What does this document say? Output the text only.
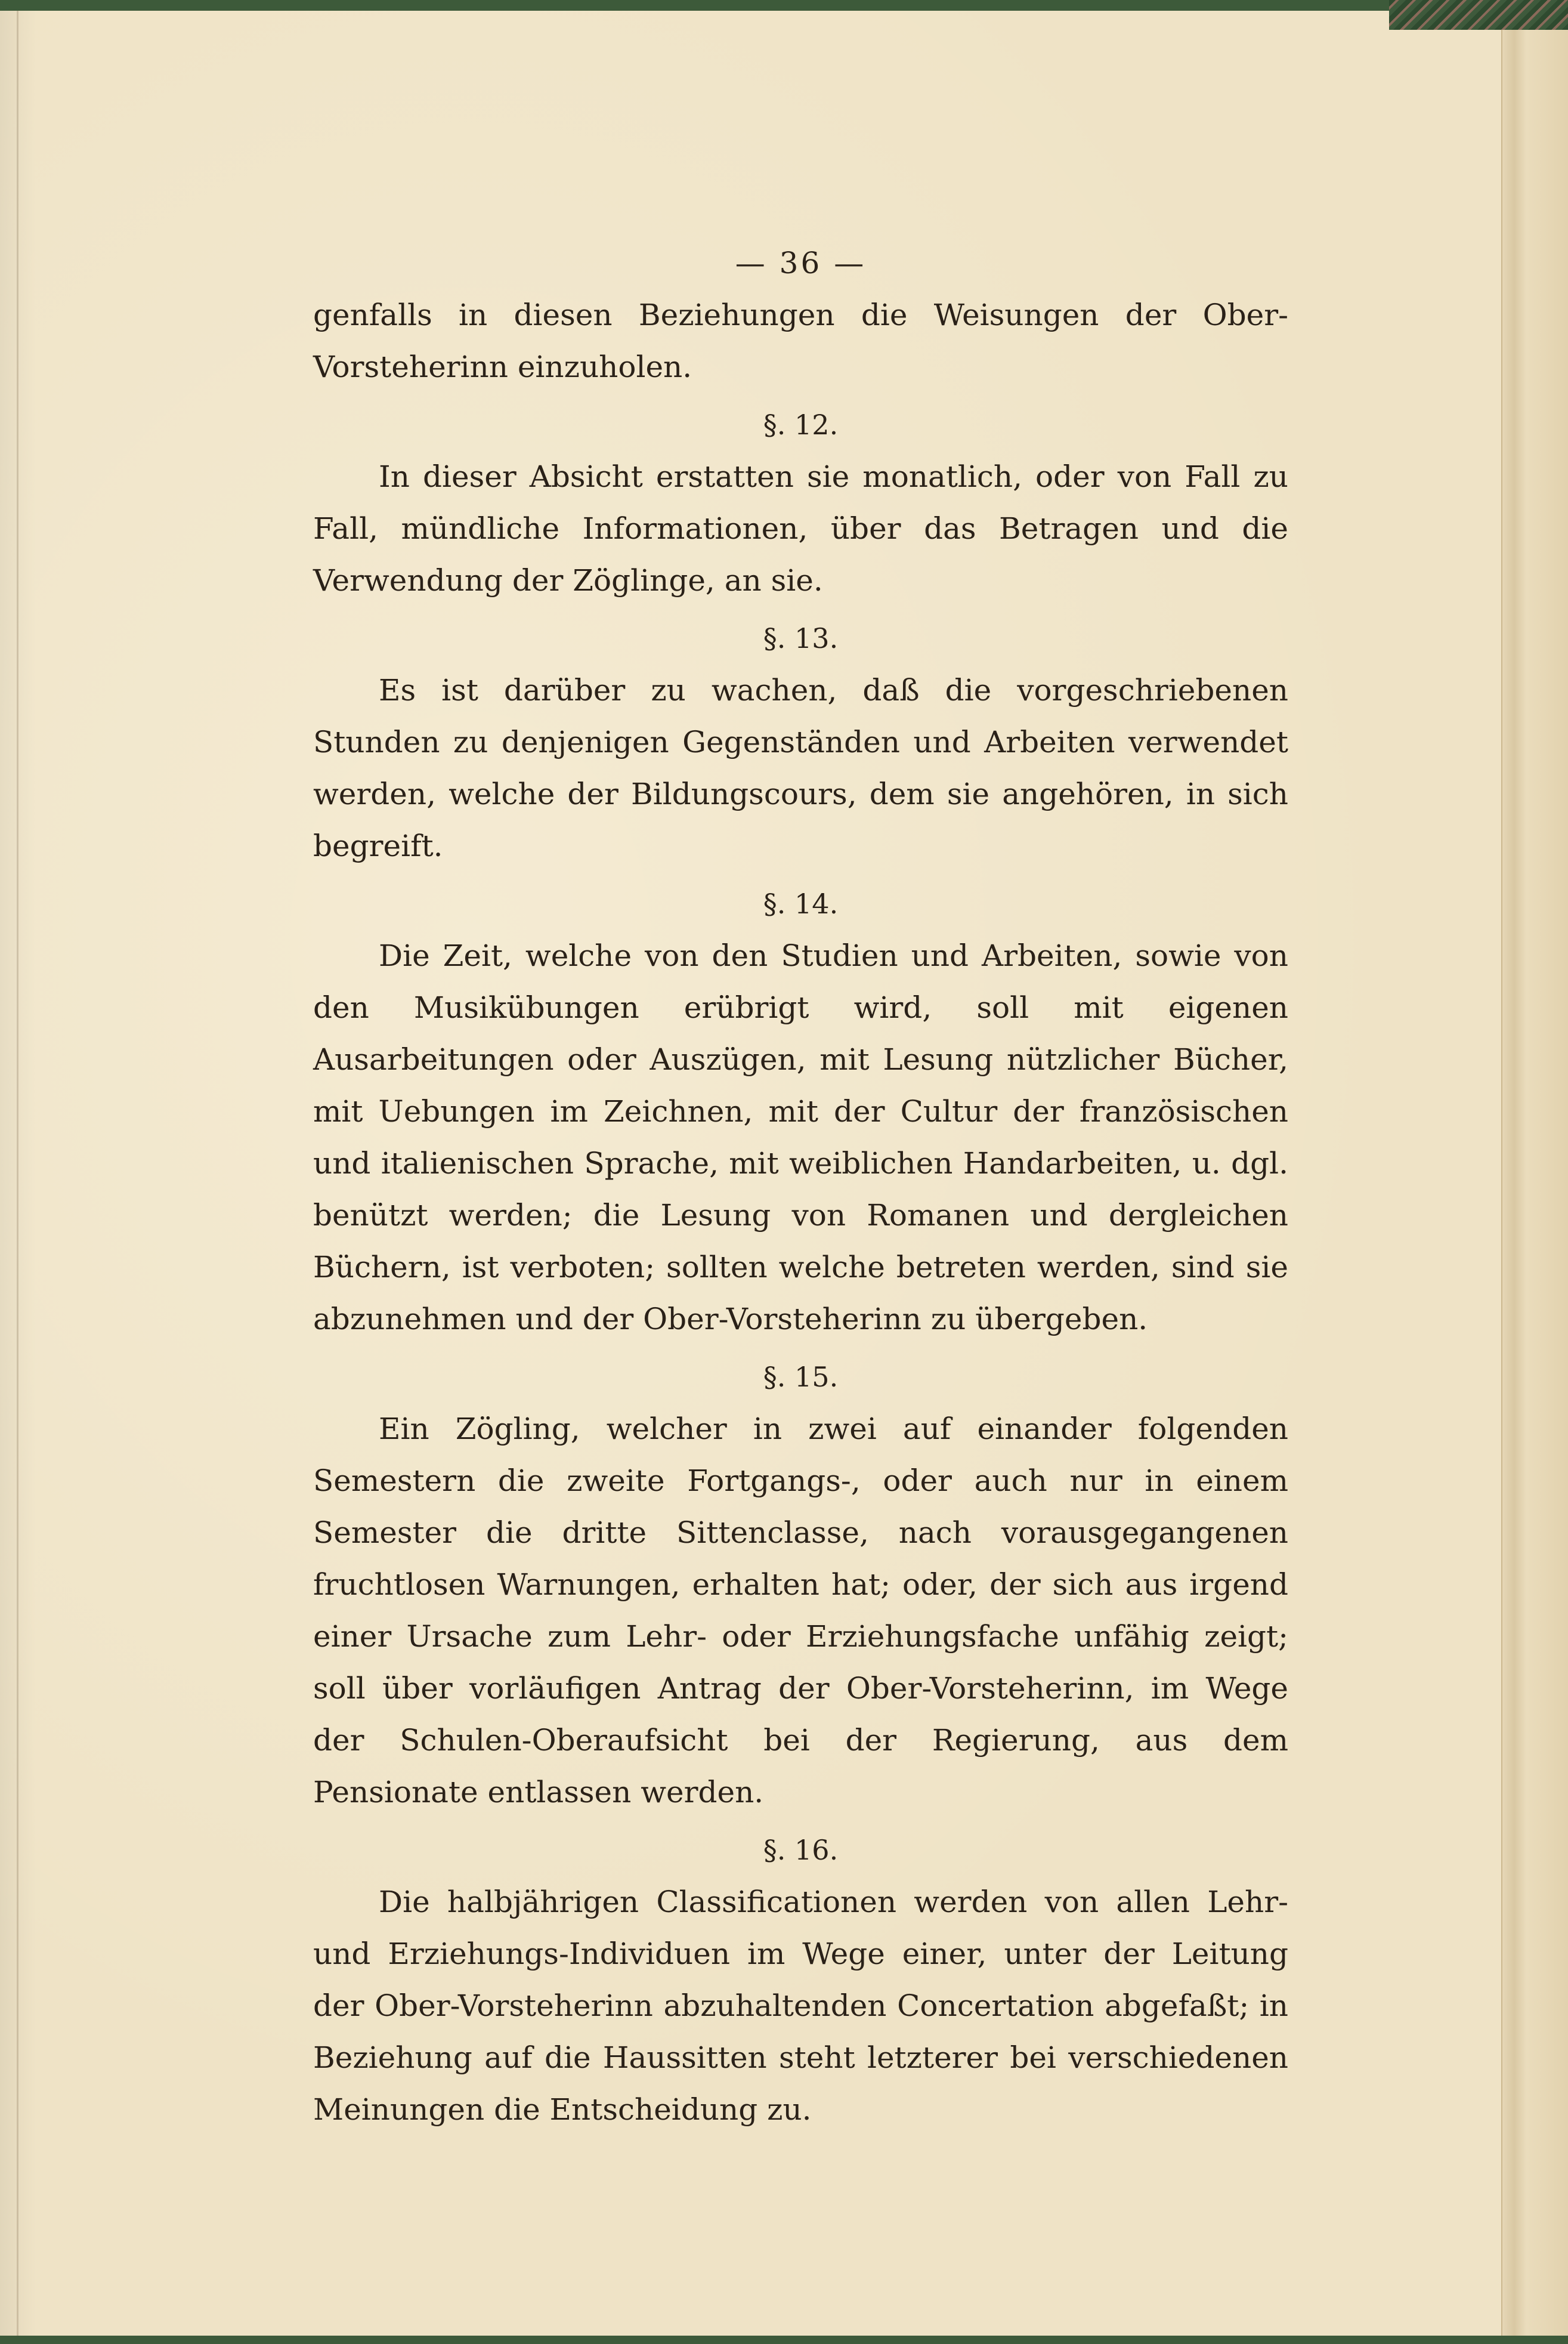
— 36 —

genfalls in diesen Beziehungen die Weisungen der Ober-Vorsteherinn einzuholen.

§. 12.

In dieser Absicht erstatten sie monatlich, oder von Fall zu Fall, mündliche Informationen, über das Betragen und die Verwendung der Zöglinge, an sie.

§. 13.

Es ist darüber zu wachen, daß die vorgeschriebenen Stunden zu denjenigen Gegenständen und Arbeiten verwendet werden, welche der Bildungscours, dem sie angehören, in sich begreift.

§. 14.

Die Zeit, welche von den Studien und Arbeiten, sowie von den Musikübungen erübrigt wird, soll mit eigenen Ausarbeitungen oder Auszügen, mit Lesung nützlicher Bücher, mit Uebungen im Zeichnen, mit der Cultur der französischen und italienischen Sprache, mit weiblichen Handarbeiten, u. dgl. benützt werden; die Lesung von Romanen und dergleichen Büchern, ist verboten; sollten welche betreten werden, sind sie abzunehmen und der Ober-Vorsteherinn zu übergeben.

§. 15.

Ein Zögling, welcher in zwei auf einander folgenden Semestern die zweite Fortgangs-, oder auch nur in einem Semester die dritte Sittenclasse, nach vorausgegangenen fruchtlosen Warnungen, erhalten hat; oder, der sich aus irgend einer Ursache zum Lehr- oder Erziehungsfache unfähig zeigt; soll über vorläufigen Antrag der Ober-Vorsteherinn, im Wege der Schulen-Oberaufsicht bei der Regierung, aus dem Pensionate entlassen werden.

§. 16.

Die halbjährigen Classificationen werden von allen Lehr- und Erziehungs-Individuen im Wege einer, unter der Leitung der Ober-Vorsteherinn abzuhaltenden Concertation abgefaßt; in Beziehung auf die Haussitten steht letzterer bei verschiedenen Meinungen die Entscheidung zu.
